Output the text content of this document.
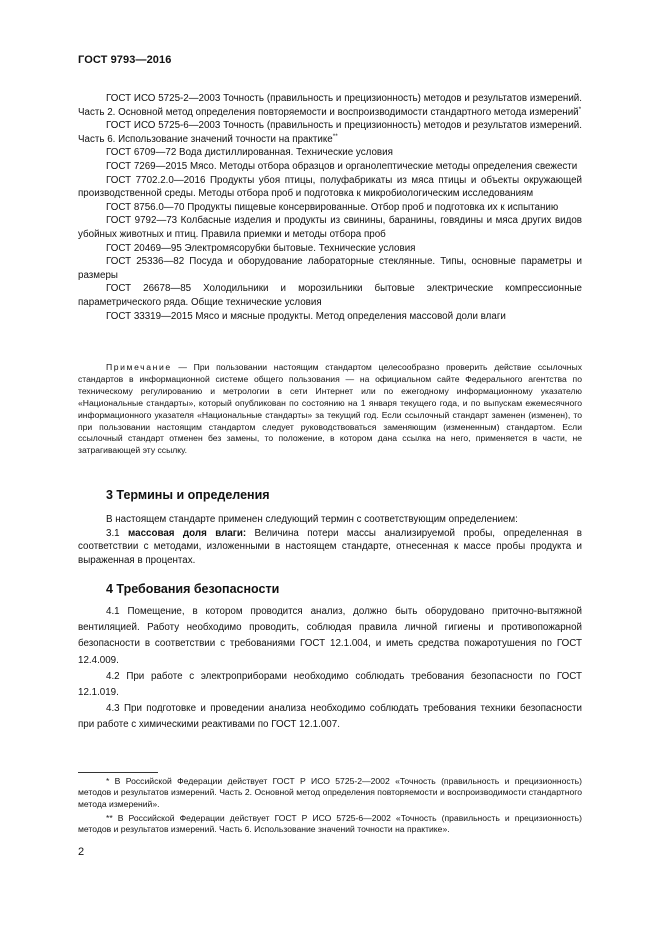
ГОСТ 9793—2016

ГОСТ ИСО 5725-2—2003 Точность (правильность и прецизионность) методов и результатов измерений. Часть 2. Основной метод определения повторяемости и воспроизводимости стандартного метода измерений*

ГОСТ ИСО 5725-6—2003 Точность (правильность и прецизионность) методов и результатов измерений. Часть 6. Использование значений точности на практике**

ГОСТ 6709—72 Вода дистиллированная. Технические условия

ГОСТ 7269—2015 Мясо. Методы отбора образцов и органолептические методы определения свежести

ГОСТ 7702.2.0—2016 Продукты убоя птицы, полуфабрикаты из мяса птицы и объекты окружающей производственной среды. Методы отбора проб и подготовка к микробиологическим исследованиям

ГОСТ 8756.0—70 Продукты пищевые консервированные. Отбор проб и подготовка их к испытанию

ГОСТ 9792—73 Колбасные изделия и продукты из свинины, баранины, говядины и мяса других видов убойных животных и птиц. Правила приемки и методы отбора проб

ГОСТ 20469—95 Электромясорубки бытовые. Технические условия

ГОСТ 25336—82 Посуда и оборудование лабораторные стеклянные. Типы, основные параметры и размеры

ГОСТ 26678—85 Холодильники и морозильники бытовые электрические компрессионные параметрического ряда. Общие технические условия

ГОСТ 33319—2015 Мясо и мясные продукты. Метод определения массовой доли влаги

Примечание — При пользовании настоящим стандартом целесообразно проверить действие ссылочных стандартов в информационной системе общего пользования — на официальном сайте Федерального агентства по техническому регулированию и метрологии в сети Интернет или по ежегодному информационному указателю «Национальные стандарты», который опубликован по состоянию на 1 января текущего года, и по выпускам ежемесячного информационного указателя «Национальные стандарты» за текущий год. Если ссылочный стандарт заменен (изменен), то при пользовании настоящим стандартом следует руководствоваться заменяющим (измененным) стандартом. Если ссылочный стандарт отменен без замены, то положение, в котором дана ссылка на него, применяется в части, не затрагивающей эту ссылку.

3 Термины и определения

В настоящем стандарте применен следующий термин с соответствующим определением:

3.1 массовая доля влаги: Величина потери массы анализируемой пробы, определенная в соответствии с методами, изложенными в настоящем стандарте, отнесенная к массе пробы продукта и выраженная в процентах.

4 Требования безопасности

4.1 Помещение, в котором проводится анализ, должно быть оборудовано приточно-вытяжной вентиляцией. Работу необходимо проводить, соблюдая правила личной гигиены и противопожарной безопасности в соответствии с требованиями ГОСТ 12.1.004, и иметь средства пожаротушения по ГОСТ 12.4.009.

4.2 При работе с электроприборами необходимо соблюдать требования безопасности по ГОСТ 12.1.019.

4.3 При подготовке и проведении анализа необходимо соблюдать требования техники безопасности при работе с химическими реактивами по ГОСТ 12.1.007.

* В Российской Федерации действует ГОСТ Р ИСО 5725-2—2002 «Точность (правильность и прецизионность) методов и результатов измерений. Часть 2. Основной метод определения повторяемости и воспроизводимости стандартного метода измерений».

** В Российской Федерации действует ГОСТ Р ИСО 5725-6—2002 «Точность (правильность и прецизионность) методов и результатов измерений. Часть 6. Использование значений точности на практике».

2
